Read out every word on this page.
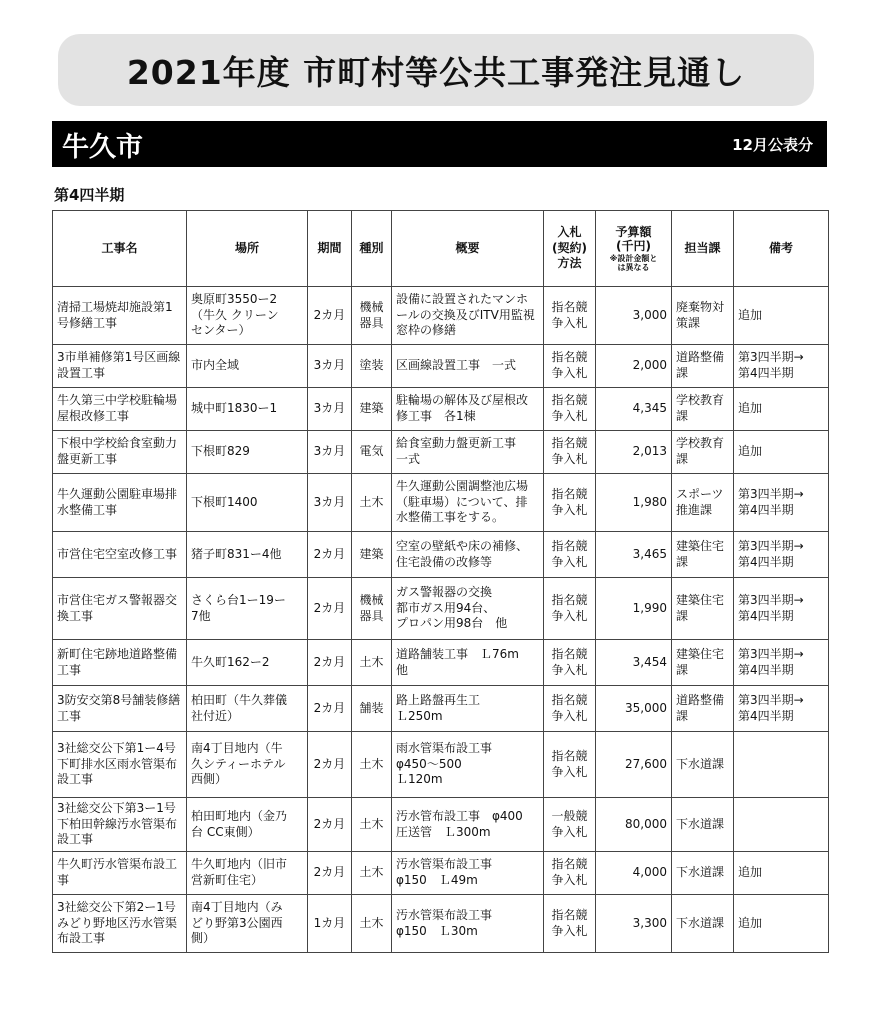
2021年度 市町村等公共工事発注見通し
牛久市	12月公表分
第4四半期
工事名	場所	期間	種別	概要	入札
(契約)
方法	予算額
(千円)
※設計金額と
は異なる	担当課	備考
清掃工場焼却施設第1号修繕工事	奥原町3550ー2
（牛久 クリーン
センター）	2カ月	機械
器具	設備に設置されたマンホールの交換及びITV用監視窓枠の修繕	指名競
争入札	3,000	廃棄物対
策課	追加
3市単補修第1号区画線設置工事	市内全域	3カ月	塗装	区画線設置工事　一式	指名競
争入札	2,000	道路整備
課	第3四半期→
第4四半期
牛久第三中学校駐輪場屋根改修工事	城中町1830ー1	3カ月	建築	駐輪場の解体及び屋根改修工事　各1棟	指名競
争入札	4,345	学校教育
課	追加
下根中学校給食室動力盤更新工事	下根町829	3カ月	電気	給食室動力盤更新工事
一式	指名競
争入札	2,013	学校教育
課	追加
牛久運動公園駐車場排水整備工事	下根町1400	3カ月	土木	牛久運動公園調整池広場（駐車場）について、排水整備工事をする。	指名競
争入札	1,980	スポーツ
推進課	第3四半期→
第4四半期
市営住宅空室改修工事	猪子町831ー4他	2カ月	建築	空室の壁紙や床の補修、
住宅設備の改修等	指名競
争入札	3,465	建築住宅
課	第3四半期→
第4四半期
市営住宅ガス警報器交換工事	さくら台1ー19ー
7他	2カ月	機械
器具	ガス警報器の交換
都市ガス用94台、
プロパン用98台　他	指名競
争入札	1,990	建築住宅
課	第3四半期→
第4四半期
新町住宅跡地道路整備工事	牛久町162ー2	2カ月	土木	道路舗装工事　Ｌ76m
他	指名競
争入札	3,454	建築住宅
課	第3四半期→
第4四半期
3防安交第8号舗装修繕工事	柏田町（牛久葬儀
社付近）	2カ月	舗装	路上路盤再生工
Ｌ250m	指名競
争入札	35,000	道路整備
課	第3四半期→
第4四半期
3社総交公下第1ー4号下町排水区雨水管渠布設工事	南4丁目地内（牛
久シティーホテル
西側）	2カ月	土木	雨水管渠布設工事
φ450～500
Ｌ120m	指名競
争入札	27,600	下水道課	
3社総交公下第3ー1号下柏田幹線汚水管渠布設工事	柏田町地内（金乃
台 CC東側）	2カ月	土木	汚水管布設工事　φ400
圧送管　Ｌ300m	一般競
争入札	80,000	下水道課	
牛久町汚水管渠布設工事	牛久町地内（旧市
営新町住宅）	2カ月	土木	汚水管渠布設工事
φ150　Ｌ49m	指名競
争入札	4,000	下水道課	追加
3社総交公下第2ー1号みどり野地区汚水管渠布設工事	南4丁目地内（み
どり野第3公園西
側）	1カ月	土木	汚水管渠布設工事
φ150　Ｌ30m	指名競
争入札	3,300	下水道課	追加
